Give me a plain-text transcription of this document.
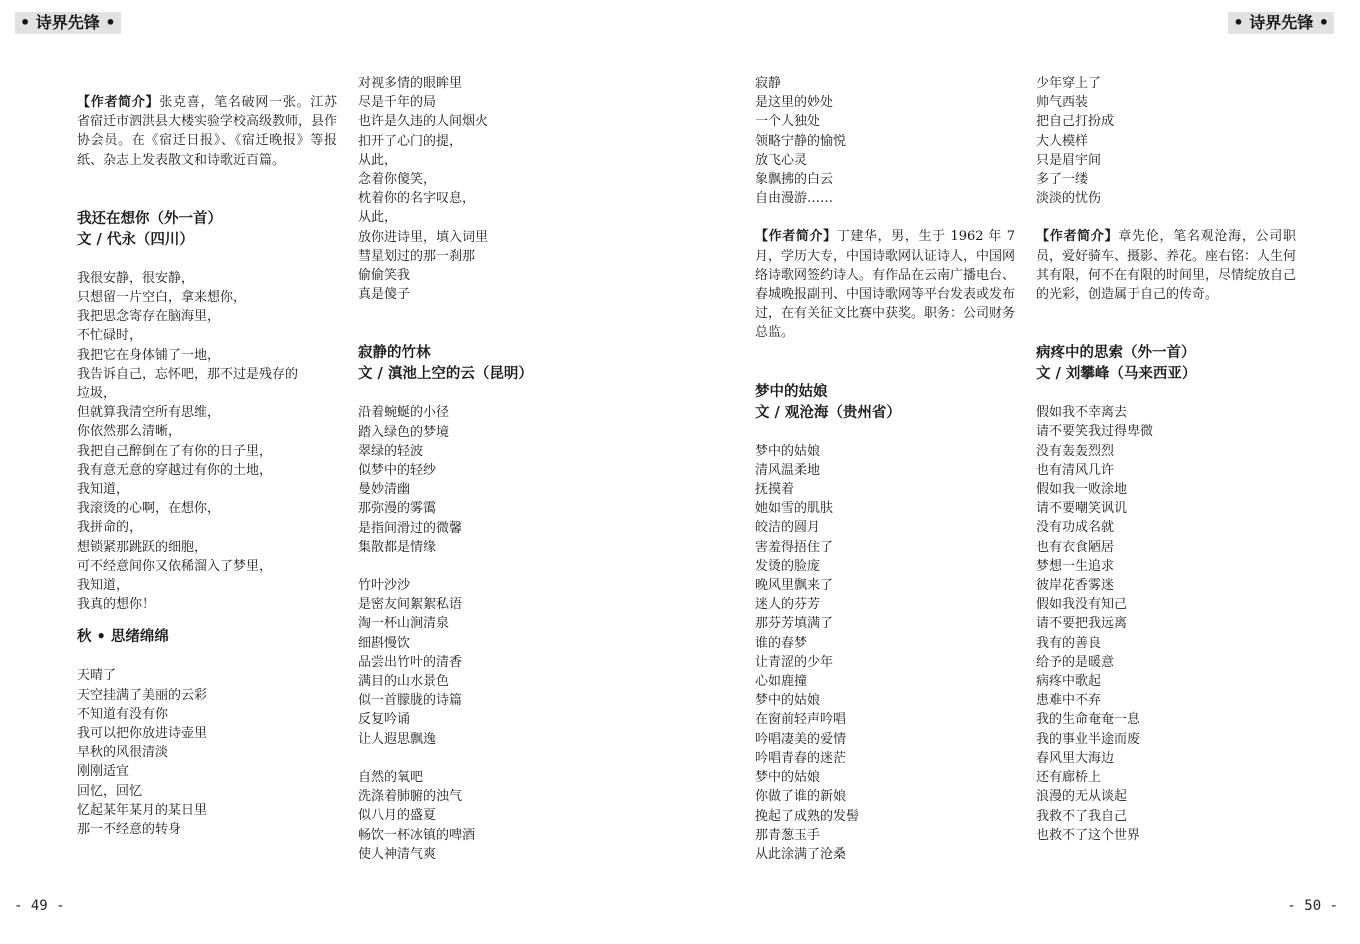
• 诗界先锋 •	• 诗界先锋 •
【作者简介】张克喜，笔名破网一张。江苏省宿迁市泗洪县大楼实验学校高级教师，县作协会员。在《宿迁日报》、《宿迁晚报》等报纸、杂志上发表散文和诗歌近百篇。
我还在想你（外一首）
文 / 代永（四川）
我很安静，很安静，
只想留一片空白，拿来想你，
我把思念寄存在脑海里，
不忙碌时，
我把它在身体铺了一地，
我告诉自己，忘怀吧，那不过是残存的
垃圾，
但就算我清空所有思维，
你依然那么清晰，
我把自己醉倒在了有你的日子里，
我有意无意的穿越过有你的土地，
我知道，
我滚烫的心啊，在想你，
我拼命的，
想锁紧那跳跃的细胞，
可不经意间你又依稀溜入了梦里，
我知道，
我真的想你！
秋 • 思绪绵绵
天晴了
天空挂满了美丽的云彩
不知道有没有你
我可以把你放进诗壶里
早秋的风很清淡
刚刚适宜
回忆，回忆
忆起某年某月的某日里
那一不经意的转身
对视多情的眼眸里
尽是千年的局
也许是久违的人间烟火
扣开了心门的提，
从此，
念着你傻笑，
枕着你的名字叹息，
从此，
放你进诗里，填入词里
彗星划过的那一刹那
偷偷笑我
真是傻子
寂静的竹林
文 / 滇池上空的云（昆明）
沿着蜿蜒的小径
踏入绿色的梦境
翠绿的轻波
似梦中的轻纱
曼妙清幽
那弥漫的雾霭
是指间滑过的微馨
集散都是情缘
竹叶沙沙
是密友间絮絮私语
淘一杯山涧清泉
细斟慢饮
品尝出竹叶的清香
满目的山水景色
似一首朦胧的诗篇
反复吟诵
让人遐思飘逸
自然的氧吧
洗涤着肺腑的浊气
似八月的盛夏
畅饮一杯冰镇的啤酒
使人神清气爽
寂静
是这里的妙处
一个人独处
领略宁静的愉悦
放飞心灵
象飘拂的白云
自由漫游……
【作者简介】丁建华，男，生于 1962 年 7 月，学历大专，中国诗歌网认证诗人，中国网络诗歌网签约诗人。有作品在云南广播电台、春城晚报副刊、中国诗歌网等平台发表或发布过，在有关征文比赛中获奖。职务：公司财务总监。
梦中的姑娘
文 / 观沧海（贵州省）
梦中的姑娘
清风温柔地
抚摸着
她如雪的肌肤
皎洁的圆月
害羞得捂住了
发烫的脸庞
晚风里飘来了
迷人的芬芳
那芬芳填满了
谁的春梦
让青涩的少年
心如鹿撞
梦中的姑娘
在窗前轻声吟唱
吟唱凄美的爱情
吟唱青春的迷茫
梦中的姑娘
你做了谁的新娘
挽起了成熟的发髻
那青葱玉手
从此涂满了沧桑
少年穿上了
帅气西装
把自己打扮成
大人模样
只是眉宇间
多了一缕
淡淡的忧伤
【作者简介】章先伦，笔名观沧海，公司职员，爱好骑车、摄影、养花。座右铭：人生何其有限，何不在有限的时间里，尽情绽放自己的光彩，创造属于自己的传奇。
病疼中的思索（外一首）
文 / 刘攀峰（马来西亚）
假如我不幸离去
请不要笑我过得卑微
没有轰轰烈烈
也有清风几许
假如我一败涂地
请不要嘲笑讽讥
没有功成名就
也有衣食陋居
梦想一生追求
彼岸花香雾迷
假如我没有知己
请不要把我远离
我有的善良
给予的是暖意
病疼中歌起
患难中不弃
我的生命奄奄一息
我的事业半途而废
春风里大海边
还有廊桥上
浪漫的无从谈起
我救不了我自己
也救不了这个世界
- 49 -	- 50 -
